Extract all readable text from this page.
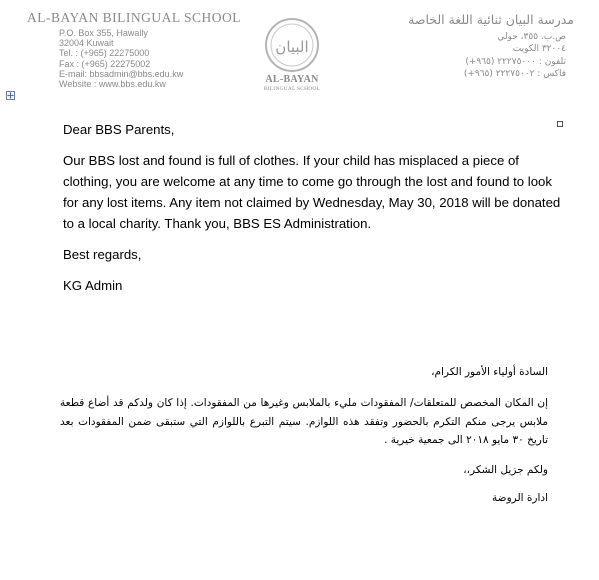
AL-BAYAN BILINGUAL SCHOOL
P.O. Box 355, Hawally
32004 Kuwait
Tel. : (+965) 22275000
Fax : (+965) 22275002
E-mail: bbsadmin@bbs.edu.kw
Website : www.bbs.edu.kw
البيان
AL-BAYAN
BILINGUAL SCHOOL
مدرسة البيان ثنائية اللغة الخاصة
ص.ب. ٣٥٥، حولي
٣٢٠٠٤ الكويت
تلفون : ٢٢٢٧٥٠٠٠ (٩٦٥+)
فاكس : ٢٢٢٧٥٠٠٢ (٩٦٥+)

Dear BBS Parents,

Our BBS lost and found is full of clothes. If your child has misplaced a piece of clothing, you are welcome at any time to come go through the lost and found to look for any lost items. Any item not claimed by Wednesday, May 30, 2018 will be donated to a local charity. Thank you, BBS ES Administration.

Best regards,

KG Admin

السادة أولياء الأمور الكرام،

إن المكان المخصص للمتعلقات/ المفقودات مليء بالملابس وغيرها من المفقودات. إذا كان ولدكم قد أضاع قطعة ملابس يرجى منكم التكرم بالحضور وتفقد هذه اللوازم. سيتم التبرع باللوازم التي ستبقى ضمن المفقودات بعد تاريخ ٣٠ مايو ٢٠١٨ الى جمعية خيرية .

ولكم جزيل الشكر،،

ادارة الروضة
